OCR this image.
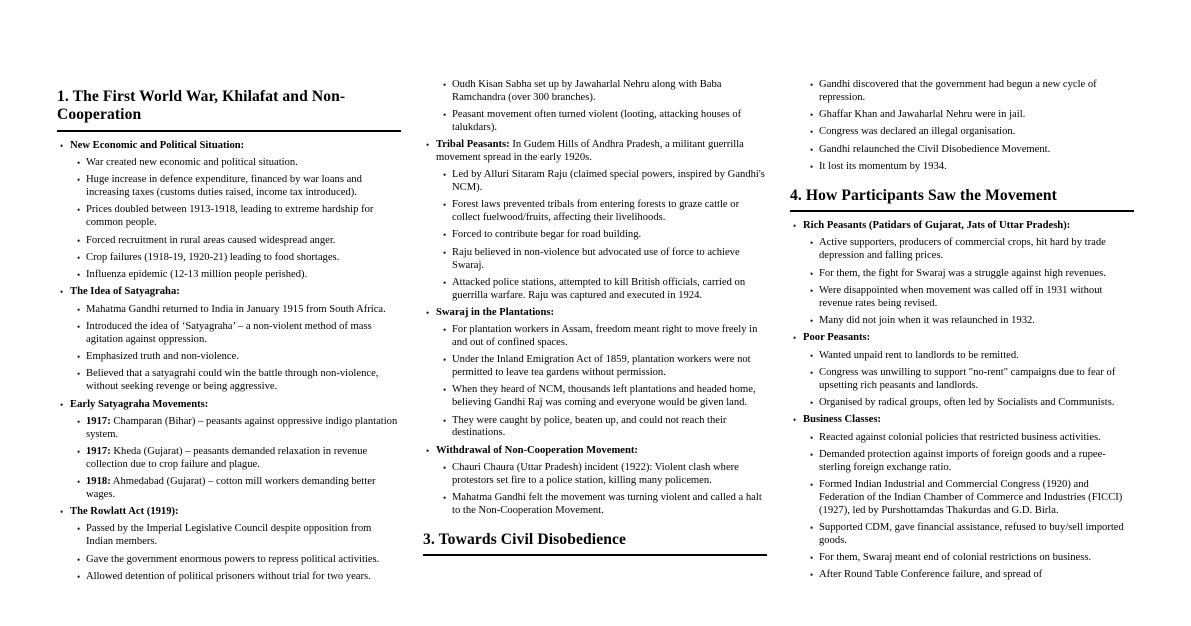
1. The First World War, Khilafat and Non-Cooperation
• New Economic and Political Situation:
• War created new economic and political situation.
• Huge increase in defence expenditure, financed by war loans and increasing taxes (customs duties raised, income tax introduced).
• Prices doubled between 1913-1918, leading to extreme hardship for common people.
• Forced recruitment in rural areas caused widespread anger.
• Crop failures (1918-19, 1920-21) leading to food shortages.
• Influenza epidemic (12-13 million people perished).
• The Idea of Satyagraha:
• Mahatma Gandhi returned to India in January 1915 from South Africa.
• Introduced the idea of ‘Satyagraha’ – a non-violent method of mass agitation against oppression.
• Emphasized truth and non-violence.
• Believed that a satyagrahi could win the battle through non-violence, without seeking revenge or being aggressive.
• Early Satyagraha Movements:
• 1917: Champaran (Bihar) – peasants against oppressive indigo plantation system.
• 1917: Kheda (Gujarat) – peasants demanded relaxation in revenue collection due to crop failure and plague.
• 1918: Ahmedabad (Gujarat) – cotton mill workers demanding better wages.
• The Rowlatt Act (1919):
• Passed by the Imperial Legislative Council despite opposition from Indian members.
• Gave the government enormous powers to repress political activities.
• Allowed detention of political prisoners without trial for two years.
• Oudh Kisan Sabha set up by Jawaharlal Nehru along with Baba Ramchandra (over 300 branches).
• Peasant movement often turned violent (looting, attacking houses of talukdars).
• Tribal Peasants: In Gudem Hills of Andhra Pradesh, a militant guerrilla movement spread in the early 1920s.
• Led by Alluri Sitaram Raju (claimed special powers, inspired by Gandhi's NCM).
• Forest laws prevented tribals from entering forests to graze cattle or collect fuelwood/fruits, affecting their livelihoods.
• Forced to contribute begar for road building.
• Raju believed in non-violence but advocated use of force to achieve Swaraj.
• Attacked police stations, attempted to kill British officials, carried on guerrilla warfare. Raju was captured and executed in 1924.
• Swaraj in the Plantations:
• For plantation workers in Assam, freedom meant right to move freely in and out of confined spaces.
• Under the Inland Emigration Act of 1859, plantation workers were not permitted to leave tea gardens without permission.
• When they heard of NCM, thousands left plantations and headed home, believing Gandhi Raj was coming and everyone would be given land.
• They were caught by police, beaten up, and could not reach their destinations.
• Withdrawal of Non-Cooperation Movement:
• Chauri Chaura (Uttar Pradesh) incident (1922): Violent clash where protestors set fire to a police station, killing many policemen.
• Mahatma Gandhi felt the movement was turning violent and called a halt to the Non-Cooperation Movement.
3. Towards Civil Disobedience
• Gandhi discovered that the government had begun a new cycle of repression.
• Ghaffar Khan and Jawaharlal Nehru were in jail.
• Congress was declared an illegal organisation.
• Gandhi relaunched the Civil Disobedience Movement.
• It lost its momentum by 1934.
4. How Participants Saw the Movement
• Rich Peasants (Patidars of Gujarat, Jats of Uttar Pradesh):
• Active supporters, producers of commercial crops, hit hard by trade depression and falling prices.
• For them, the fight for Swaraj was a struggle against high revenues.
• Were disappointed when movement was called off in 1931 without revenue rates being revised.
• Many did not join when it was relaunched in 1932.
• Poor Peasants:
• Wanted unpaid rent to landlords to be remitted.
• Congress was unwilling to support "no-rent" campaigns due to fear of upsetting rich peasants and landlords.
• Organised by radical groups, often led by Socialists and Communists.
• Business Classes:
• Reacted against colonial policies that restricted business activities.
• Demanded protection against imports of foreign goods and a rupee-sterling foreign exchange ratio.
• Formed Indian Industrial and Commercial Congress (1920) and Federation of the Indian Chamber of Commerce and Industries (FICCI) (1927), led by Purshottamdas Thakurdas and G.D. Birla.
• Supported CDM, gave financial assistance, refused to buy/sell imported goods.
• For them, Swaraj meant end of colonial restrictions on business.
• After Round Table Conference failure, and spread of
